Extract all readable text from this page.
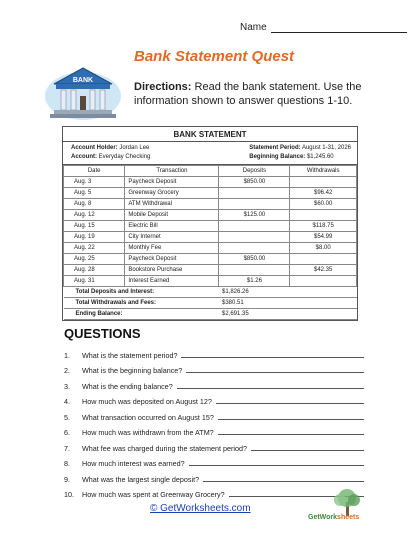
Name
BANK
Bank Statement Quest
Directions: Read the bank statement. Use the information shown to answer questions 1-10.
BANK STATEMENT
Account Holder: Jordan Lee
Account: Everyday Checking
Statement Period: August 1-31, 2026
Beginning Balance: $1,245.60
Date	Transaction	Deposits	Withdrawals
Aug. 3	Paycheck Deposit	$850.00	
Aug. 5	Greenway Grocery		$96.42
Aug. 8	ATM Withdrawal		$60.00
Aug. 12	Mobile Deposit	$125.00	
Aug. 15	Electric Bill		$118.75
Aug. 19	City Internet		$54.99
Aug. 22	Monthly Fee		$8.00
Aug. 25	Paycheck Deposit	$850.00	
Aug. 28	Bookstore Purchase		$42.35
Aug. 31	Interest Earned	$1.26	
Total Deposits and Interest:		$1,826.26	
Total Withdrawals and Fees:		$380.51	
Ending Balance:		$2,691.35	
QUESTIONS
1.	What is the statement period?
2.	What is the beginning balance?
3.	What is the ending balance?
4.	How much was deposited on August 12?
5.	What transaction occurred on August 15?
6.	How much was withdrawn from the ATM?
7.	What fee was charged during the statement period?
8.	How much interest was earned?
9.	What was the largest single deposit?
10.	How much was spent at Greenway Grocery?
© GetWorksheets.com
GetWorksheets
